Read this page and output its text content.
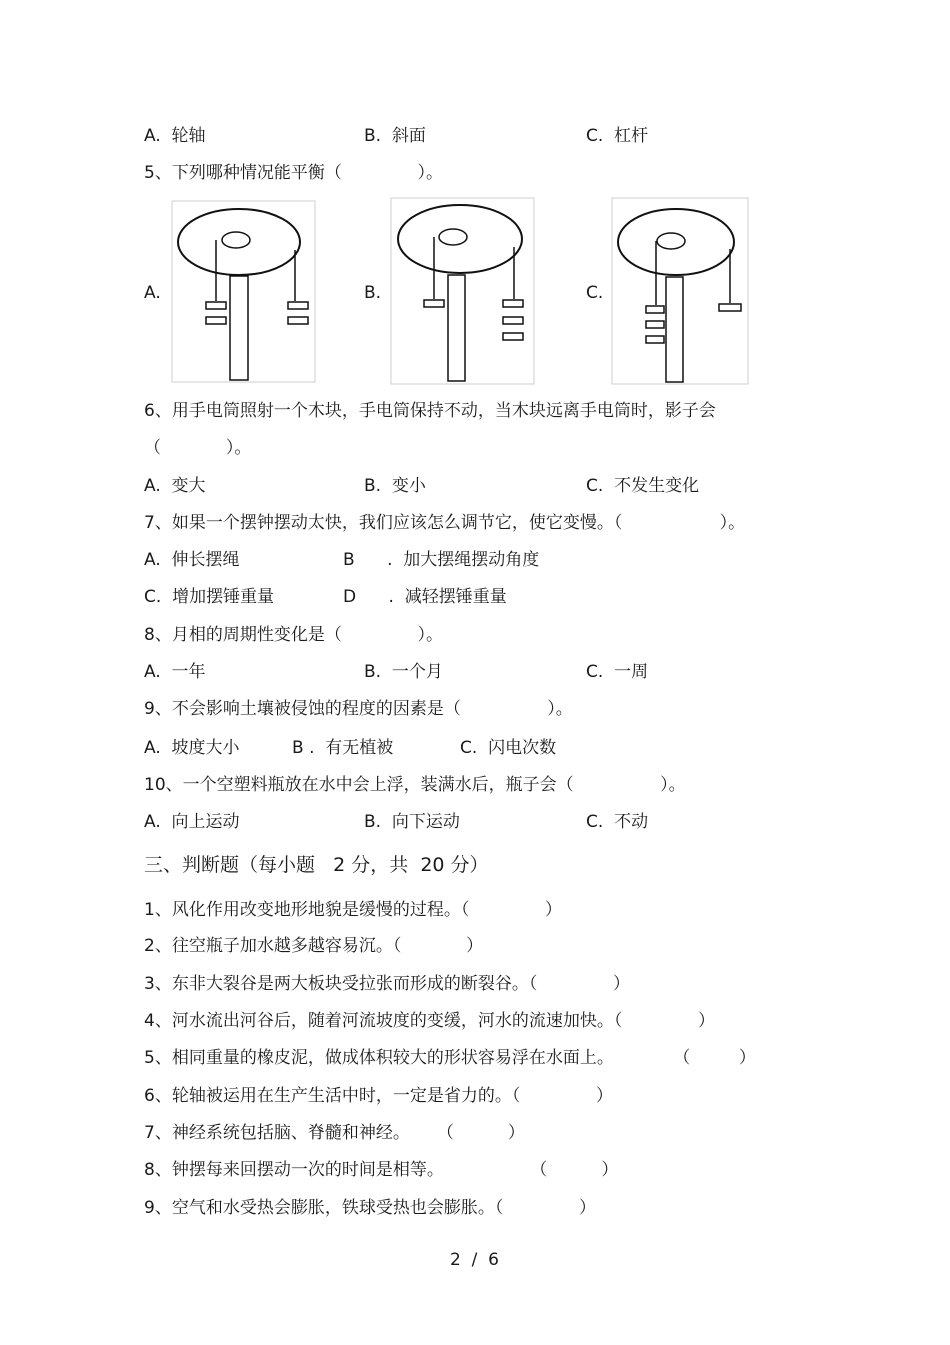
A.  轮轴	B.  斜面	C.  杠杆
5、下列哪种情况能平衡（              ）。
A.	B.	C.
6、用手电筒照射一个木块，手电筒保持不动，当木块远离手电筒时，影子会
（            ）。
A.  变大	B.  变小	C.  不发生变化
7、如果一个摆钟摆动太快，我们应该怎么调节它，使它变慢。（                  ）。
A.  伸长摆绳	B      .  加大摆绳摆动角度
C.  增加摆锤重量	D      .  减轻摆锤重量
8、月相的周期性变化是（              ）。
A.  一年	B.  一个月	C.  一周
9、不会影响土壤被侵蚀的程度的因素是（                ）。
A.  坡度大小	B .  有无植被	C.  闪电次数
10、一个空塑料瓶放在水中会上浮，装满水后，瓶子会（                ）。
A.  向上运动	B.  向下运动	C.  不动
三、判断题（每小题   2 分，共  20 分）
1、风化作用改变地形地貌是缓慢的过程。（              ）
2、往空瓶子加水越多越容易沉。（            ）
3、东非大裂谷是两大板块受拉张而形成的断裂谷。（              ）
4、河水流出河谷后，随着河流坡度的变缓，河水的流速加快。（              ）
5、相同重量的橡皮泥，做成体积较大的形状容易浮在水面上。           （         ）
6、轮轴被运用在生产生活中时，一定是省力的。（              ）
7、神经系统包括脑、脊髓和神经。     （          ）
8、钟摆每来回摆动一次的时间是相等。                （          ）
9、空气和水受热会膨胀，铁球受热也会膨胀。（              ）
2  /  6
